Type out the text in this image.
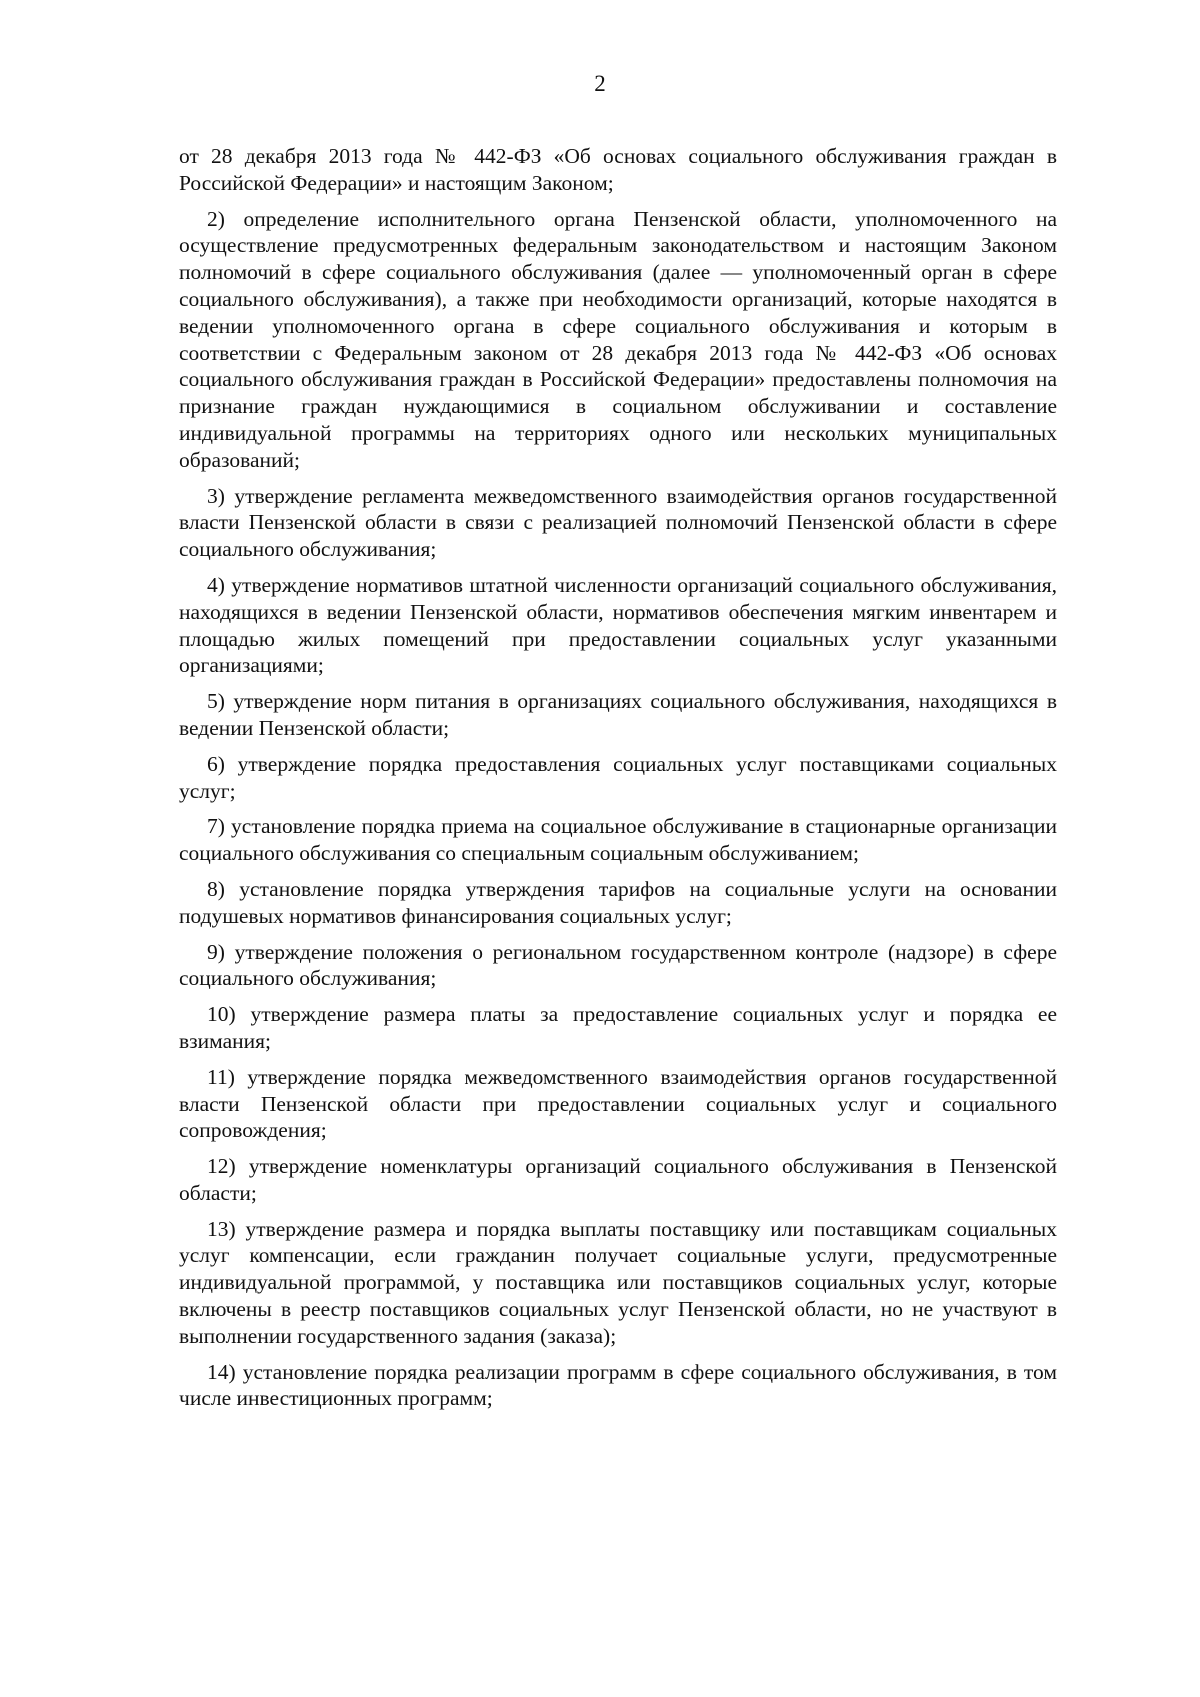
2

от 28 декабря 2013 года № 442-ФЗ «Об основах социального обслуживания граждан в Российской Федерации» и настоящим Законом;

2) определение исполнительного органа Пензенской области, уполномоченного на осуществление предусмотренных федеральным законодательством и настоящим Законом полномочий в сфере социального обслуживания (далее — уполномоченный орган в сфере социального обслуживания), а также при необходимости организаций, которые находятся в ведении уполномоченного органа в сфере социального обслуживания и которым в соответствии с Федеральным законом от 28 декабря 2013 года № 442-ФЗ «Об основах социального обслуживания граждан в Российской Федерации» предоставлены полномочия на признание граждан нуждающимися в социальном обслуживании и составление индивидуальной программы на территориях одного или нескольких муниципальных образований;

3) утверждение регламента межведомственного взаимодействия органов государственной власти Пензенской области в связи с реализацией полномочий Пензенской области в сфере социального обслуживания;

4) утверждение нормативов штатной численности организаций социального обслуживания, находящихся в ведении Пензенской области, нормативов обеспечения мягким инвентарем и площадью жилых помещений при предоставлении социальных услуг указанными организациями;

5) утверждение норм питания в организациях социального обслуживания, находящихся в ведении Пензенской области;

6) утверждение порядка предоставления социальных услуг поставщиками социальных услуг;

7) установление порядка приема на социальное обслуживание в стационарные организации социального обслуживания со специальным социальным обслуживанием;

8) установление порядка утверждения тарифов на социальные услуги на основании подушевых нормативов финансирования социальных услуг;

9) утверждение положения о региональном государственном контроле (надзоре) в сфере социального обслуживания;

10) утверждение размера платы за предоставление социальных услуг и порядка ее взимания;

11) утверждение порядка межведомственного взаимодействия органов государственной власти Пензенской области при предоставлении социальных услуг и социального сопровождения;

12) утверждение номенклатуры организаций социального обслуживания в Пензенской области;

13) утверждение размера и порядка выплаты поставщику или поставщикам социальных услуг компенсации, если гражданин получает социальные услуги, предусмотренные индивидуальной программой, у поставщика или поставщиков социальных услуг, которые включены в реестр поставщиков социальных услуг Пензенской области, но не участвуют в выполнении государственного задания (заказа);

14) установление порядка реализации программ в сфере социального обслуживания, в том числе инвестиционных программ;
